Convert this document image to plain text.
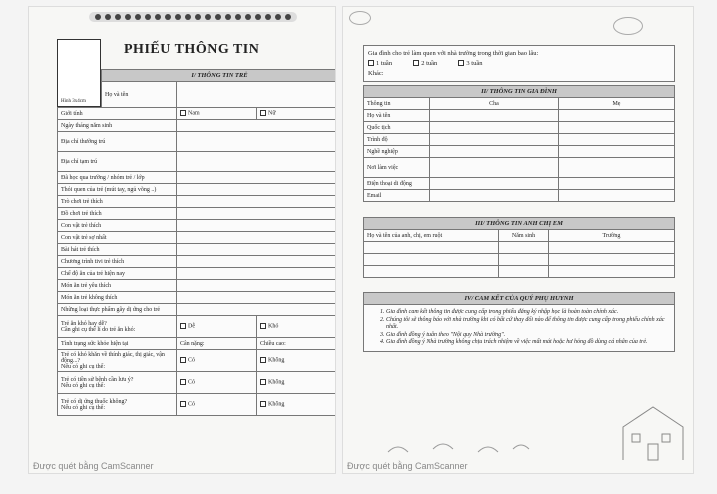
Hình 3x4cm
PHIẾU THÔNG TIN
I/ THÔNG TIN TRẺ
Họ và tên	
Giới tính	Nam	Nữ
Ngày tháng năm sinh		
Địa chỉ thường trú		
Địa chỉ tạm trú		
Đã học qua trường / nhóm trẻ / lớp		
Thói quen của trẻ (mút tay, ngủ võng ..)		
Trò chơi trẻ thích		
Đồ chơi trẻ thích		
Con vật trẻ thích		
Con vật trẻ sợ nhất		
Bài hát trẻ thích		
Chương trình tivi trẻ thích		
Chế độ ăn của trẻ hiện nay		
Món ăn trẻ yêu thích		
Món ăn trẻ không thích		
Những loại thực phẩm gây dị ứng cho trẻ		

Trẻ ăn khó hay dễ?
Cần ghi cụ thể lí do trẻ ăn khó:	Dễ	Khó
Tình trạng sức khỏe hiện tại	Cân nặng:	Chiều cao:

Trẻ có khó khăn về thính giác, thị giác, vận động...?
Nếu có ghi cụ thể:	Có	Không

Trẻ có tiền sử bệnh cần lưu ý?
Nếu có ghi cụ thể:	Có	Không

Trẻ có dị ứng thuốc không?
Nếu có ghi cụ thể:	Có	Không
Được quét bằng CamScanner
Gia đình cho trẻ làm quen với nhà trường trong thời gian bao lâu:
1 tuần	2 tuần	3 tuần
Khác:
II/ THÔNG TIN GIA ĐÌNH		
Thông tin	Cha	Mẹ
Họ và tên		
Quốc tịch		
Trình độ		
Nghề nghiệp		
Nơi làm việc		
Điện thoại di động		
Email		
III/ THÔNG TIN ANH CHỊ EM		
Họ và tên của anh, chị, em ruột	Năm sinh	Trường

IV/ CAM KẾT CỦA QUÝ PHỤ HUYNH
1. Gia đình cam kết thông tin được cung cấp trong phiếu đăng ký nhập học là hoàn toàn chính xác.
2. Chúng tôi sẽ thông báo với nhà trường khi có bất cứ thay đổi nào để thông tin được cung cấp trong phiếu chính xác nhất.
3. Gia đình đồng ý tuân theo "Nội quy Nhà trường".
4. Gia đình đồng ý Nhà trường không chịu trách nhiệm về việc mất mát hoặc hư hỏng đồ dùng cá nhân của trẻ.
Được quét bằng CamScanner
